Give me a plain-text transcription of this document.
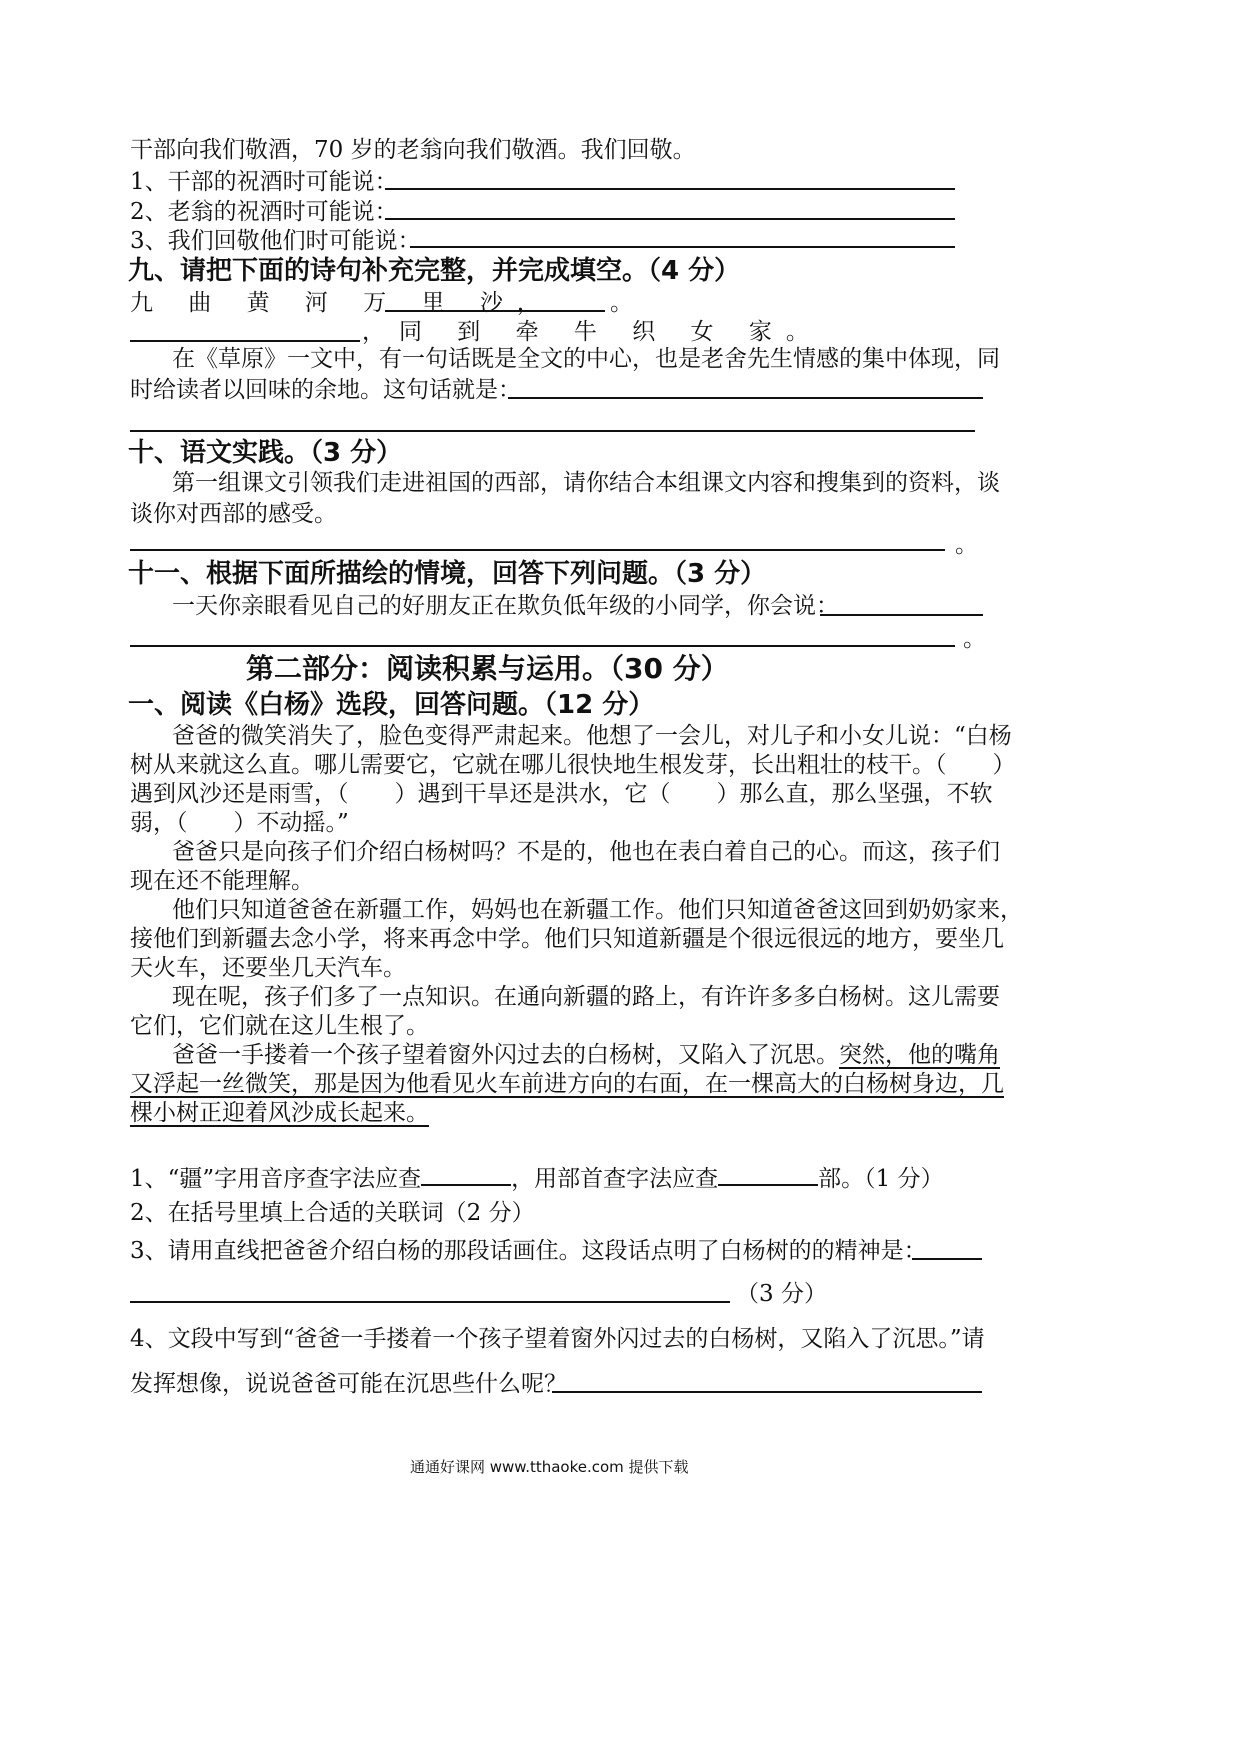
干部向我们敬酒，70 岁的老翁向我们敬酒。我们回敬。
1、干部的祝酒时可能说：
2、老翁的祝酒时可能说：
3、我们回敬他们时可能说：
九、请把下面的诗句补充完整，并完成填空。（4 分）
九 曲 黄 河 万 里 沙， 。
，同 到 牵 牛 织 女 家。
在《草原》一文中，有一句话既是全文的中心，也是老舍先生情感的集中体现，同
时给读者以回味的余地。这句话就是：
十、语文实践。（3 分）
第一组课文引领我们走进祖国的西部，请你结合本组课文内容和搜集到的资料，谈
谈你对西部的感受。
。
十一、根据下面所描绘的情境，回答下列问题。（3 分）
一天你亲眼看见自己的好朋友正在欺负低年级的小同学，你会说：
。
第二部分：阅读积累与运用。（30 分）
一、阅读《白杨》选段，回答问题。（12 分）
爸爸的微笑消失了，脸色变得严肃起来。他想了一会儿，对儿子和小女儿说：“白杨
树从来就这么直。哪儿需要它，它就在哪儿很快地生根发芽，长出粗壮的枝干。（　　）
遇到风沙还是雨雪，（　　）遇到干旱还是洪水，它（　　）那么直，那么坚强，不软
弱，（　　）不动摇。”
爸爸只是向孩子们介绍白杨树吗？不是的，他也在表白着自己的心。而这，孩子们
现在还不能理解。
他们只知道爸爸在新疆工作，妈妈也在新疆工作。他们只知道爸爸这回到奶奶家来，
接他们到新疆去念小学，将来再念中学。他们只知道新疆是个很远很远的地方，要坐几
天火车，还要坐几天汽车。
现在呢，孩子们多了一点知识。在通向新疆的路上，有许许多多白杨树。这儿需要
它们，它们就在这儿生根了。
爸爸一手搂着一个孩子望着窗外闪过去的白杨树，又陷入了沉思。突然，他的嘴角
又浮起一丝微笑，那是因为他看见火车前进方向的右面，在一棵高大的白杨树身边，几
棵小树正迎着风沙成长起来。
1、“疆”字用音序查字法应查	，用部首查字法应查	部。（1 分）
2、在括号里填上合适的关联词（2 分）
3、请用直线把爸爸介绍白杨的那段话画住。这段话点明了白杨树的的精神是：
（3 分）
4、文段中写到“爸爸一手搂着一个孩子望着窗外闪过去的白杨树，又陷入了沉思。”请
发挥想像，说说爸爸可能在沉思些什么呢？
通通好课网 www.tthaoke.com 提供下载
